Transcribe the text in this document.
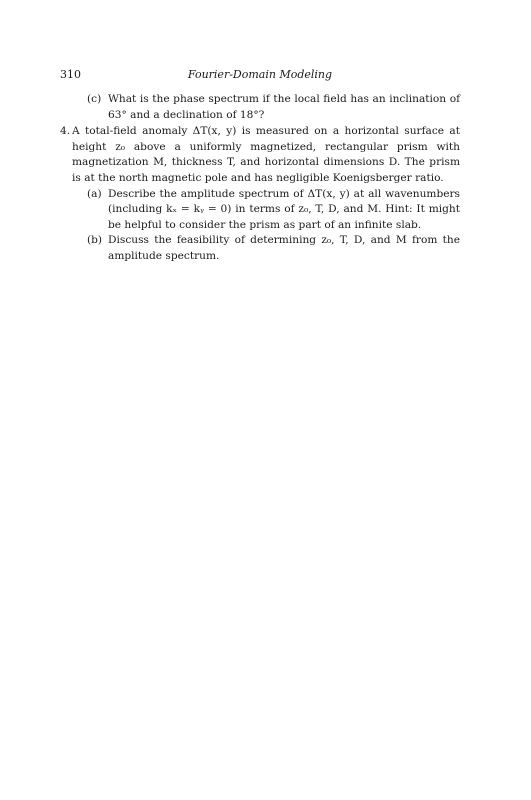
310	Fourier-Domain Modeling
(c) What is the phase spectrum if the local field has an inclination of 63° and a declination of 18°?
4. A total-field anomaly ΔT(x, y) is measured on a horizontal surface at height z₀ above a uniformly magnetized, rectangular prism with magnetization M, thickness T, and horizontal dimensions D. The prism is at the north magnetic pole and has negligible Koenigsberger ratio.
(a) Describe the amplitude spectrum of ΔT(x, y) at all wavenumbers (including kₓ = kᵧ = 0) in terms of z₀, T, D, and M. Hint: It might be helpful to consider the prism as part of an infinite slab.
(b) Discuss the feasibility of determining z₀, T, D, and M from the amplitude spectrum.
